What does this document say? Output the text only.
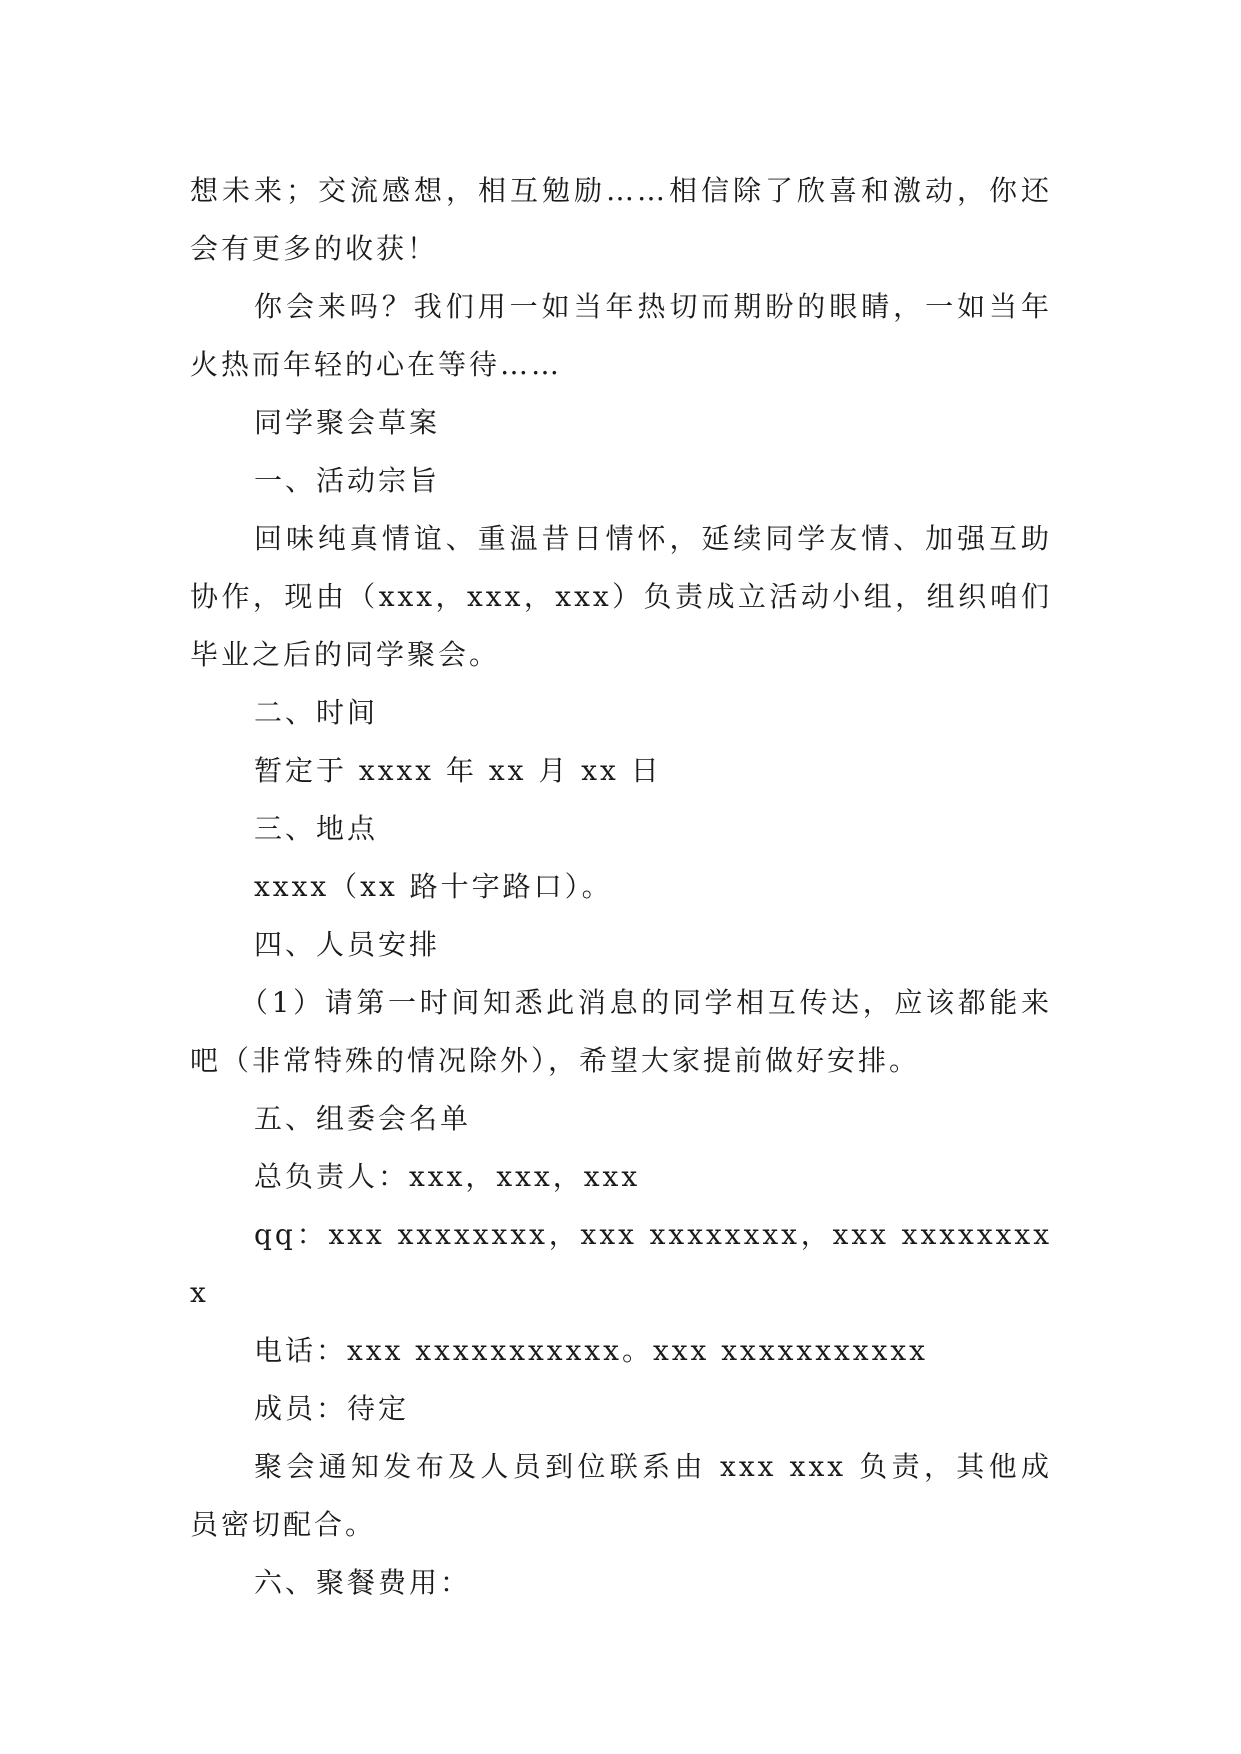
想未来；交流感想，相互勉励……相信除了欣喜和激动，你还会有更多的收获！

你会来吗？我们用一如当年热切而期盼的眼睛，一如当年火热而年轻的心在等待……

同学聚会草案

一、活动宗旨

回味纯真情谊、重温昔日情怀，延续同学友情、加强互助协作，现由（xxx，xxx，xxx）负责成立活动小组，组织咱们毕业之后的同学聚会。

二、时间

暂定于 xxxx 年 xx 月 xx 日

三、地点

xxxx（xx 路十字路口）。

四、人员安排

（1）请第一时间知悉此消息的同学相互传达，应该都能来吧（非常特殊的情况除外），希望大家提前做好安排。

五、组委会名单

总负责人：xxx，xxx，xxx

qq：xxx xxxxxxxx，xxx xxxxxxxx，xxx xxxxxxxxx

电话：xxx xxxxxxxxxxx。xxx xxxxxxxxxxx

成员：待定

聚会通知发布及人员到位联系由 xxx xxx 负责，其他成员密切配合。

六、聚餐费用：
